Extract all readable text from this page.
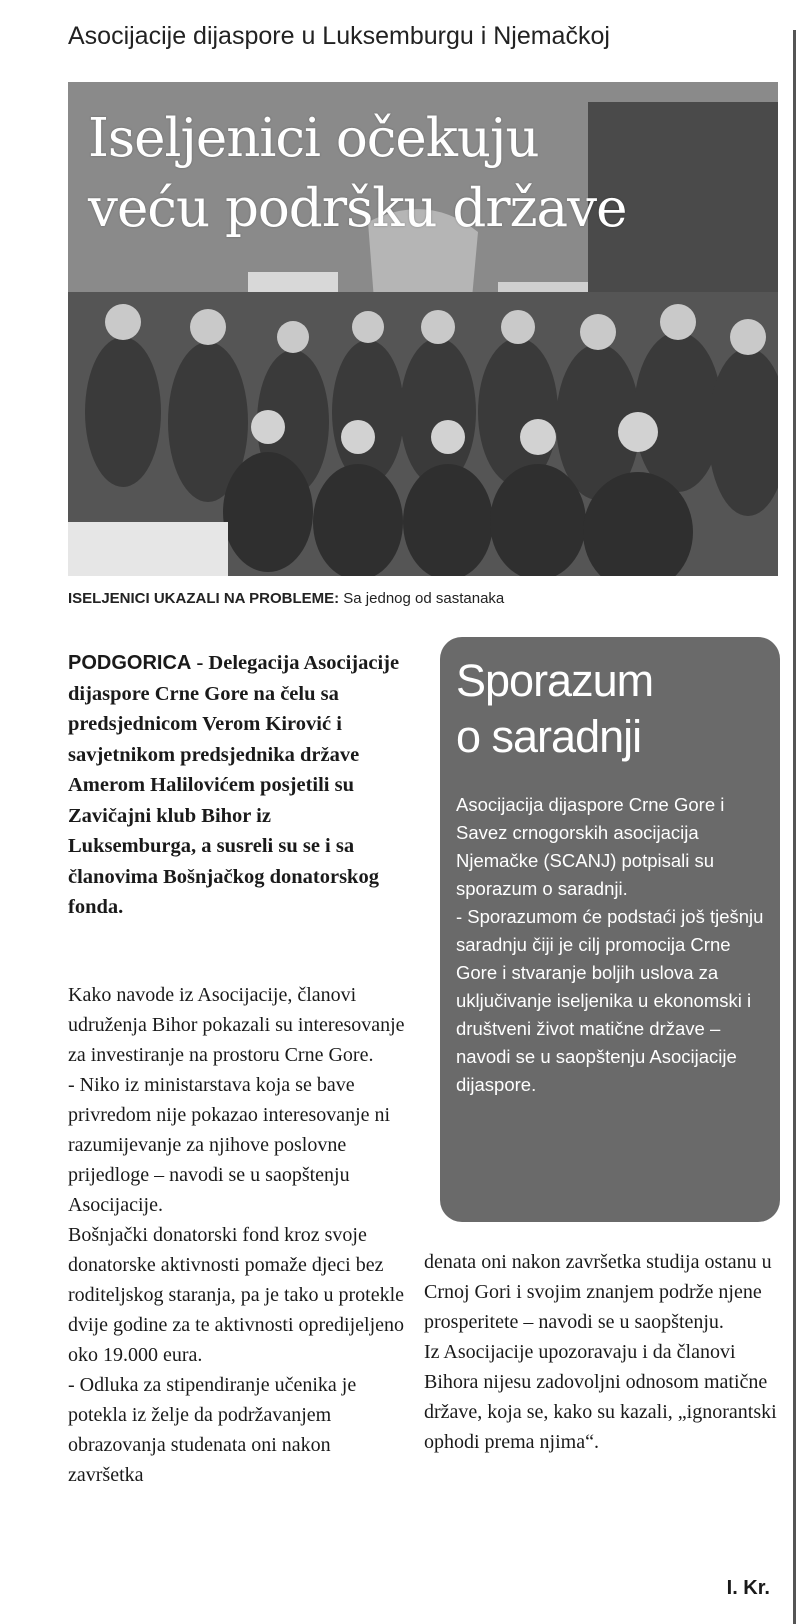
Asocijacije dijaspore u Luksemburgu i Njemačkoj
Iseljenici očekuju
veću podršku države
ISELJENICI UKAZALI NA PROBLEME: Sa jednog od sastanaka
PODGORICA - Delegacija Asocijacije dijaspore Crne Gore na čelu sa predsjednicom Verom Kirović i savjetnikom predsjednika države Amerom Halilovićem posjetili su Zavičajni klub Bihor iz Luksemburga, a susreli su se i sa članovima Bošnjačkog donatorskog fonda.

Kako navode iz Asocijacije, članovi udruženja Bihor pokazali su interesovanje za investiranje na prostoru Crne Gore.

- Niko iz ministarstava koja se bave privredom nije pokazao interesovanje ni razumijevanje za njihove poslovne prijedloge – navodi se u saopštenju Asocijacije.

Bošnjački donatorski fond kroz svoje donatorske aktivnosti pomaže djeci bez roditeljskog staranja, pa je tako u protekle dvije godine za te aktivnosti opredijeljeno oko 19.000 eura.

- Odluka za stipendiranje učenika je potekla iz želje da podržavanjem obrazovanja studenata oni nakon završetka

Sporazum
o saradnji

Asocijacija dijaspore Crne Gore i Savez crnogorskih asocijacija Njemačke (SCANJ) potpisali su sporazum o saradnji.

- Sporazumom će podstaći još tješnju saradnju čiji je cilj promocija Crne Gore i stvaranje boljih uslova za uključivanje iseljenika u ekonomski i društveni život matične države – navodi se u saopštenju Asocijacije dijaspore.

denata oni nakon završetka studija ostanu u Crnoj Gori i svojim znanjem podrže njene prosperitete – navodi se u saopštenju.

Iz Asocijacije upozoravaju i da članovi Bihora nijesu zadovoljni odnosom matične države, koja se, kako su kazali, „ignorantski ophodi prema njima“.

I. Kr.
